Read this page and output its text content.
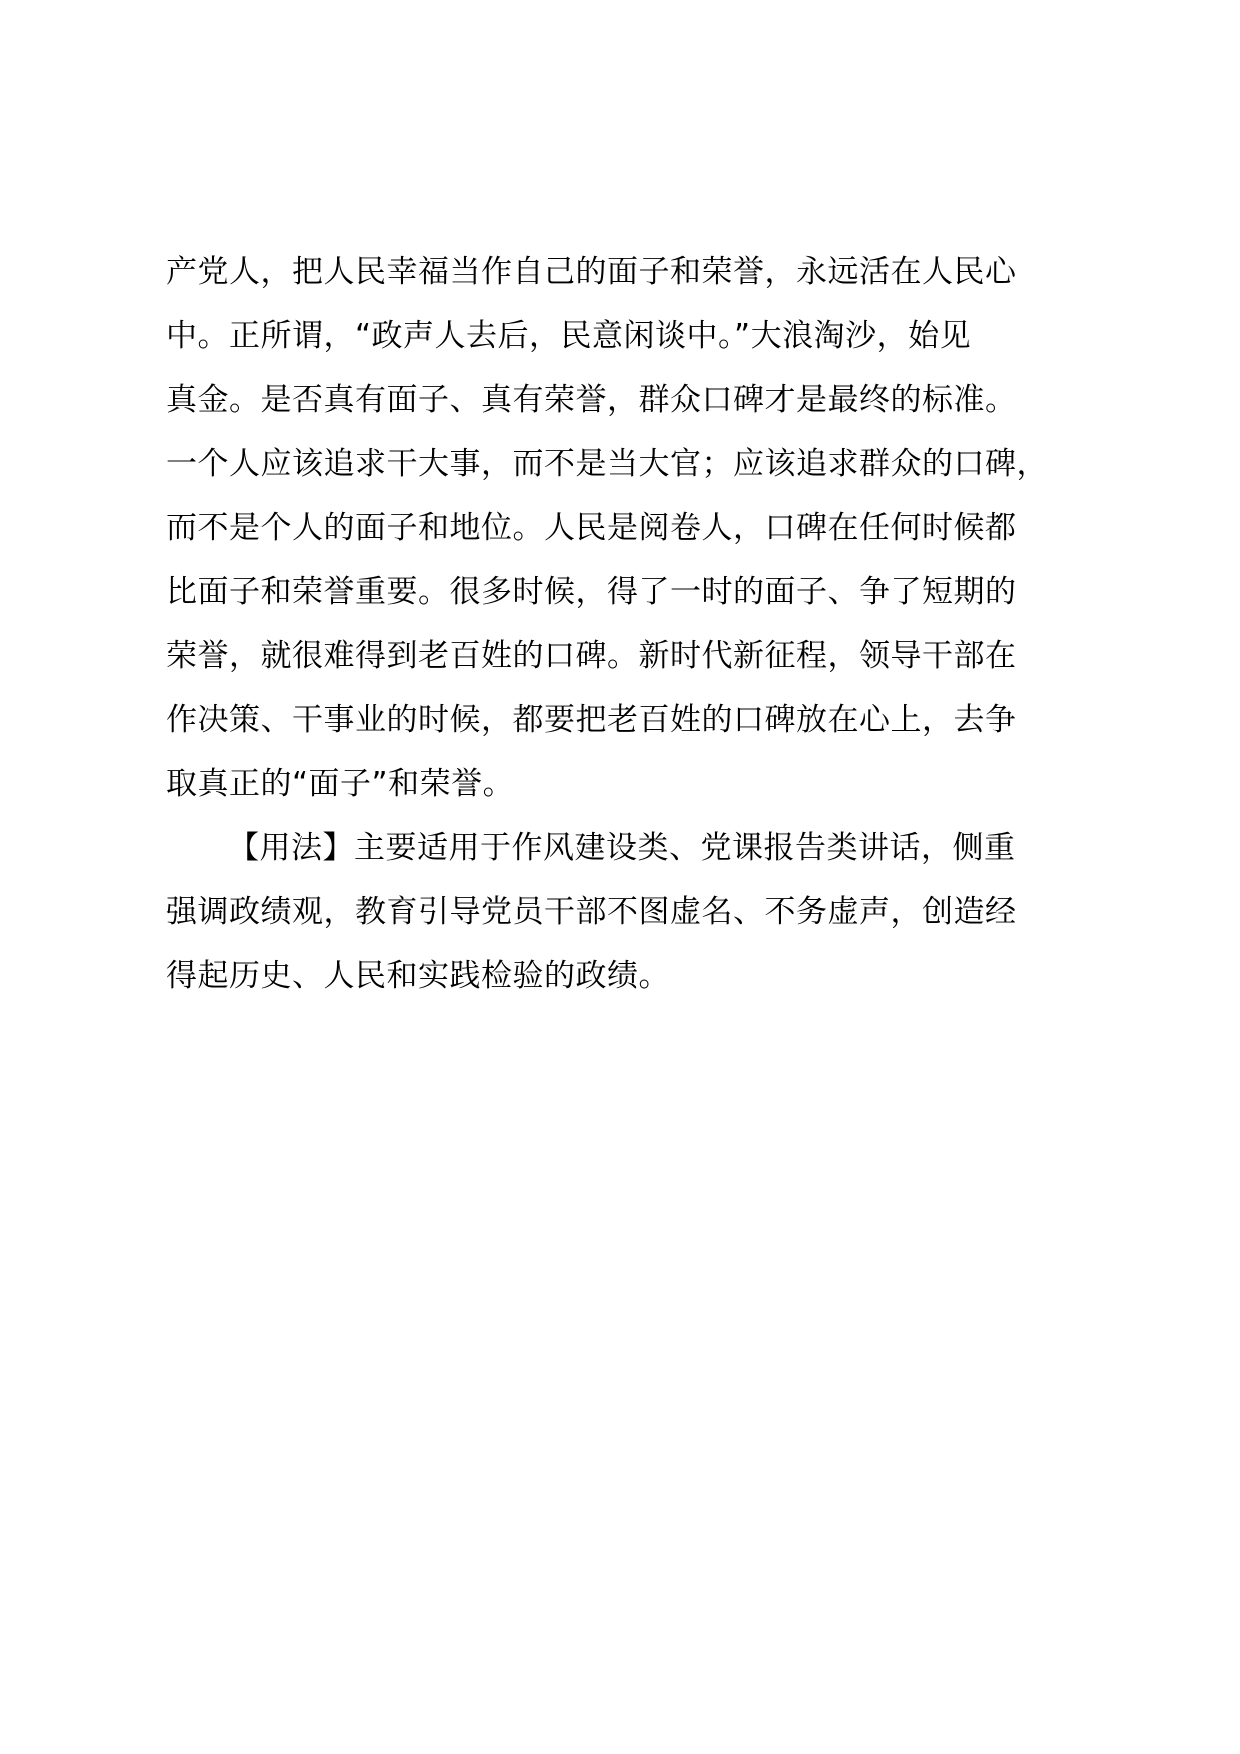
产党人，把人民幸福当作自己的面子和荣誉，永远活在人民心
中。正所谓，“政声人去后，民意闲谈中。”大浪淘沙，始见
真金。是否真有面子、真有荣誉，群众口碑才是最终的标准。
一个人应该追求干大事，而不是当大官；应该追求群众的口碑，
而不是个人的面子和地位。人民是阅卷人，口碑在任何时候都
比面子和荣誉重要。很多时候，得了一时的面子、争了短期的
荣誉，就很难得到老百姓的口碑。新时代新征程，领导干部在
作决策、干事业的时候，都要把老百姓的口碑放在心上，去争
取真正的“面子”和荣誉。
【用法】主要适用于作风建设类、党课报告类讲话，侧重
强调政绩观，教育引导党员干部不图虚名、不务虚声，创造经
得起历史、人民和实践检验的政绩。
